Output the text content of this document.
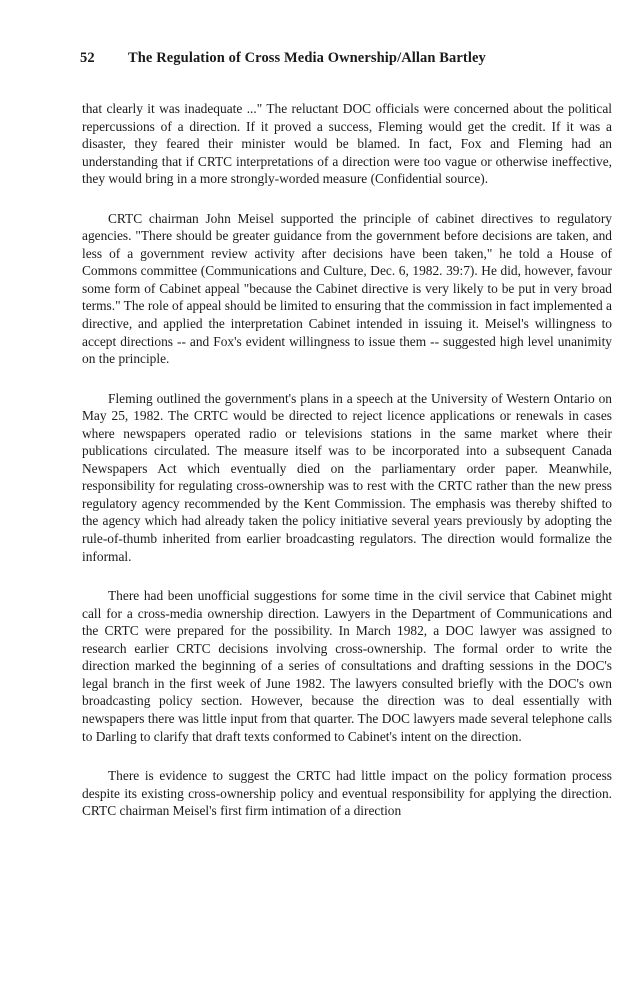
52 The Regulation of Cross Media Ownership/Allan Bartley

that clearly it was inadequate ..." The reluctant DOC officials were concerned about the political repercussions of a direction. If it proved a success, Fleming would get the credit. If it was a disaster, they feared their minister would be blamed. In fact, Fox and Fleming had an understanding that if CRTC interpretations of a direction were too vague or otherwise ineffective, they would bring in a more strongly-worded measure (Confidential source).

CRTC chairman John Meisel supported the principle of cabinet directives to regulatory agencies. "There should be greater guidance from the government before decisions are taken, and less of a government review activity after decisions have been taken," he told a House of Commons committee (Communications and Culture, Dec. 6, 1982. 39:7). He did, however, favour some form of Cabinet appeal "because the Cabinet directive is very likely to be put in very broad terms." The role of appeal should be limited to ensuring that the commission in fact implemented a directive, and applied the interpretation Cabinet intended in issuing it. Meisel's willingness to accept directions -- and Fox's evident willingness to issue them -- suggested high level unanimity on the principle.

Fleming outlined the government's plans in a speech at the University of Western Ontario on May 25, 1982. The CRTC would be directed to reject licence applications or renewals in cases where newspapers operated radio or televisions stations in the same market where their publications circulated. The measure itself was to be incorporated into a subsequent Canada Newspapers Act which eventually died on the parliamentary order paper. Meanwhile, responsibility for regulating cross-ownership was to rest with the CRTC rather than the new press regulatory agency recommended by the Kent Commission. The emphasis was thereby shifted to the agency which had already taken the policy initiative several years previously by adopting the rule-of-thumb inherited from earlier broadcasting regulators. The direction would formalize the informal.

There had been unofficial suggestions for some time in the civil service that Cabinet might call for a cross-media ownership direction. Lawyers in the Department of Communications and the CRTC were prepared for the possibility. In March 1982, a DOC lawyer was assigned to research earlier CRTC decisions involving cross-ownership. The formal order to write the direction marked the beginning of a series of consultations and drafting sessions in the DOC's legal branch in the first week of June 1982. The lawyers consulted briefly with the DOC's own broadcasting policy section. However, because the direction was to deal essentially with newspapers there was little input from that quarter. The DOC lawyers made several telephone calls to Darling to clarify that draft texts conformed to Cabinet's intent on the direction.

There is evidence to suggest the CRTC had little impact on the policy formation process despite its existing cross-ownership policy and eventual responsibility for applying the direction. CRTC chairman Meisel's first firm intimation of a direction
